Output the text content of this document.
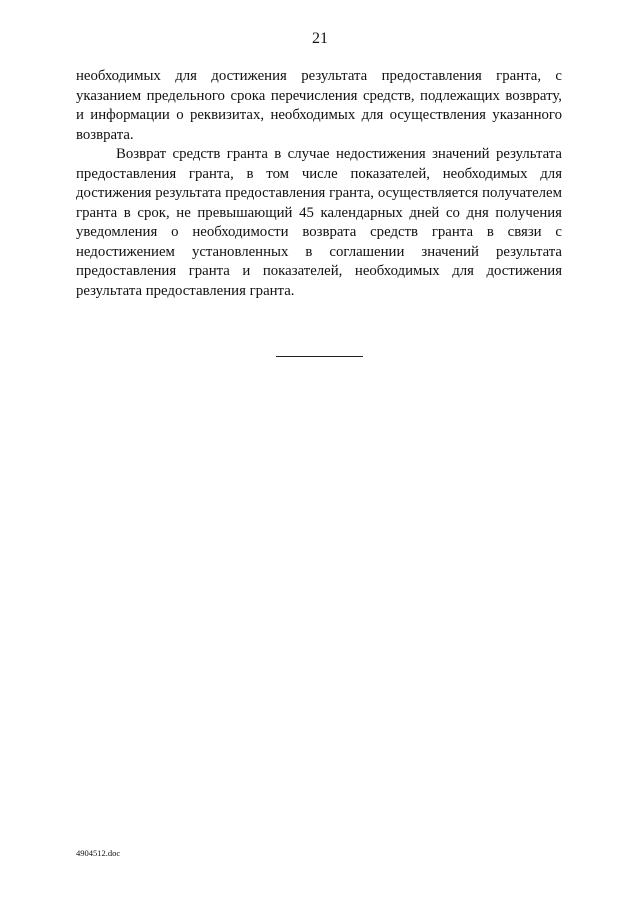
21

необходимых для достижения результата предоставления гранта, с указанием предельного срока перечисления средств, подлежащих возврату, и информации о реквизитах, необходимых для осуществления указанного возврата.

Возврат средств гранта в случае недостижения значений результата предоставления гранта, в том числе показателей, необходимых для достижения результата предоставления гранта, осуществляется получателем гранта в срок, не превышающий 45 календарных дней со дня получения уведомления о необходимости возврата средств гранта в связи с недостижением установленных в соглашении значений результата предоставления гранта и показателей, необходимых для достижения результата предоставления гранта.

4904512.doc
